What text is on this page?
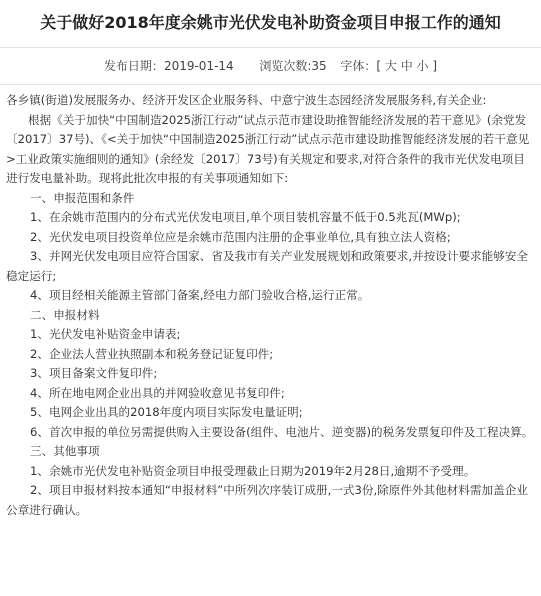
关于做好2018年度余姚市光伏发电补助资金项目申报工作的通知
发布日期：2019-01-14 浏览次数:35 字体：[ 大 中 小 ]

各乡镇(街道)发展服务办、经济开发区企业服务科、中意宁波生态园经济发展服务科,有关企业:

根据《关于加快“中国制造2025浙江行动”试点示范市建设助推智能经济发展的若干意见》(余党发〔2017〕37号)、《<关于加快“中国制造2025浙江行动”试点示范市建设助推智能经济发展的若干意见>工业政策实施细则的通知》(余经发〔2017〕73号)有关规定和要求,对符合条件的我市光伏发电项目进行发电量补助。现将此批次申报的有关事项通知如下:

一、申报范围和条件

1、在余姚市范围内的分布式光伏发电项目,单个项目装机容量不低于0.5兆瓦(MWp);

2、光伏发电项目投资单位应是余姚市范围内注册的企事业单位,具有独立法人资格;

3、并网光伏发电项目应符合国家、省及我市有关产业发展规划和政策要求,并按设计要求能够安全稳定运行;

4、项目经相关能源主管部门备案,经电力部门验收合格,运行正常。

二、申报材料

1、光伏发电补贴资金申请表;

2、企业法人营业执照副本和税务登记证复印件;

3、项目备案文件复印件;

4、所在地电网企业出具的并网验收意见书复印件;

5、电网企业出具的2018年度内项目实际发电量证明;

6、首次申报的单位另需提供购入主要设备(组件、电池片、逆变器)的税务发票复印件及工程决算。

三、其他事项

1、余姚市光伏发电补贴资金项目申报受理截止日期为2019年2月28日,逾期不予受理。

2、项目申报材料按本通知“申报材料”中所列次序装订成册,一式3份,除原件外其他材料需加盖企业公章进行确认。
